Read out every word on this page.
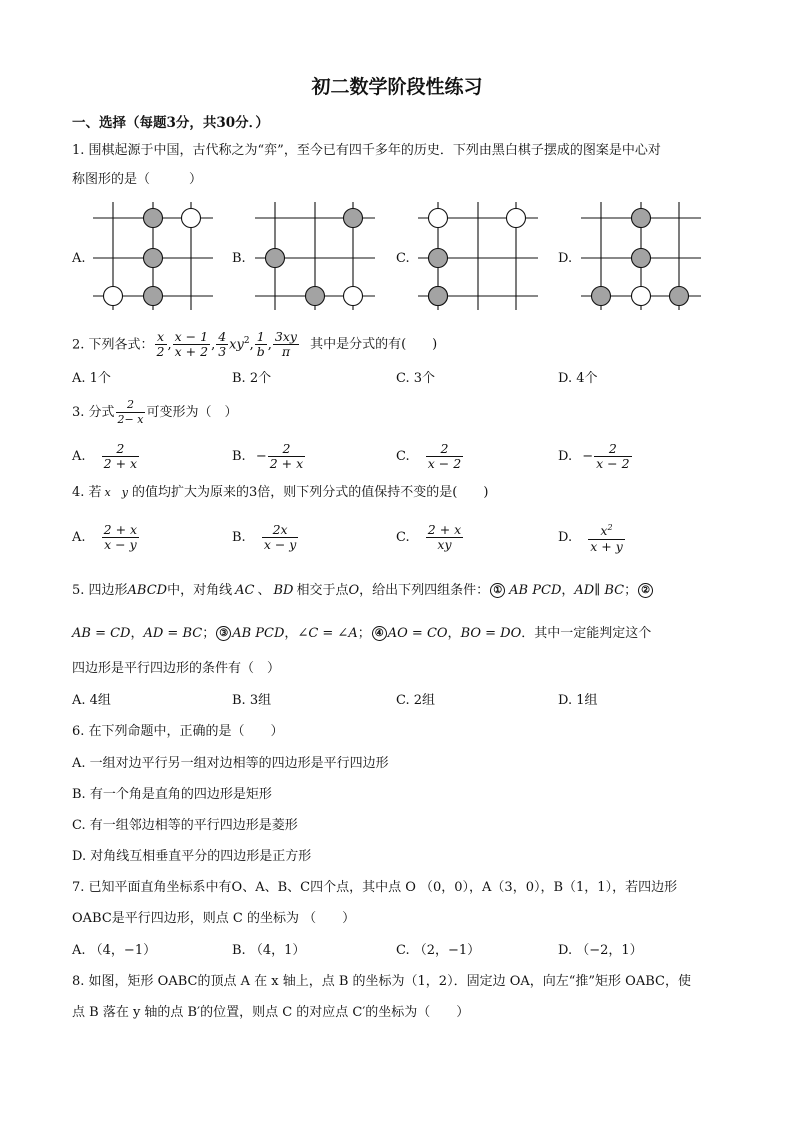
初二数学阶段性练习
一、选择（每题3分，共30分．）
1. 围棋起源于中国，古代称之为“弈”，至今已有四千多年的历史．下列由黑白棋子摆成的图案是中心对
称图形的是（　　　）
A.	B.	C.	D.
2. 下列各式： $\frac{x}{2}$ , $\frac{x - 1}{x + 2}$ , $\frac{4}{3} xy^2$, $\frac{1}{b}$ , $\frac{3xy}{\pi}$ 其中是分式的有(　　)
A. 1个	B. 2个	C. 3个	D. 4个
3. 分式 $\frac{2}{2- x}$ 可变形为（　）
A. $\frac{2}{2 + x}$	B. − $\frac{2}{2 + x}$	C. $\frac{2}{x - 2}$	D. − $\frac{2}{x - 2}$
4. 若 x y 的值均扩大为原来的3倍，则下列分式的值保持不变的是(　　)
A. $\frac{2 + x}{x - y}$	B. $\frac{2x}{x - y}$	C. $\frac{2 + x}{xy}$	D. $\frac{x^2}{x + y}$
5. 四边形ABCD中，对角线 AC 、 BD 相交于点O，给出下列四组条件： ① AB PCD，AD∥ BC； ②
AB = CD，AD = BC； ③ AB PCD，∠C = ∠A； ④ AO = CO，BO = DO．其中一定能判定这个
四边形是平行四边形的条件有（　）
A. 4组	B. 3组	C. 2组	D. 1组
6. 在下列命题中，正确的是（　　）
A. 一组对边平行另一组对边相等的四边形是平行四边形
B. 有一个角是直角的四边形是矩形
C. 有一组邻边相等的平行四边形是菱形
D. 对角线互相垂直平分的四边形是正方形
7. 已知平面直角坐标系中有O、A、B、C四个点，其中点 O （0，0），A（3，0），B（1，1），若四边形
OABC是平行四边形，则点 C 的坐标为 （　　）
A. （4，−1）	B. （4，1）	C. （2，−1）	D. （−2，1）
8. 如图，矩形 OABC的顶点 A 在 x 轴上，点 B 的坐标为（1，2）．固定边 OA，向左“推”矩形 OABC，使
点 B 落在 y 轴的点 B′的位置，则点 C 的对应点 C′的坐标为（　　）
